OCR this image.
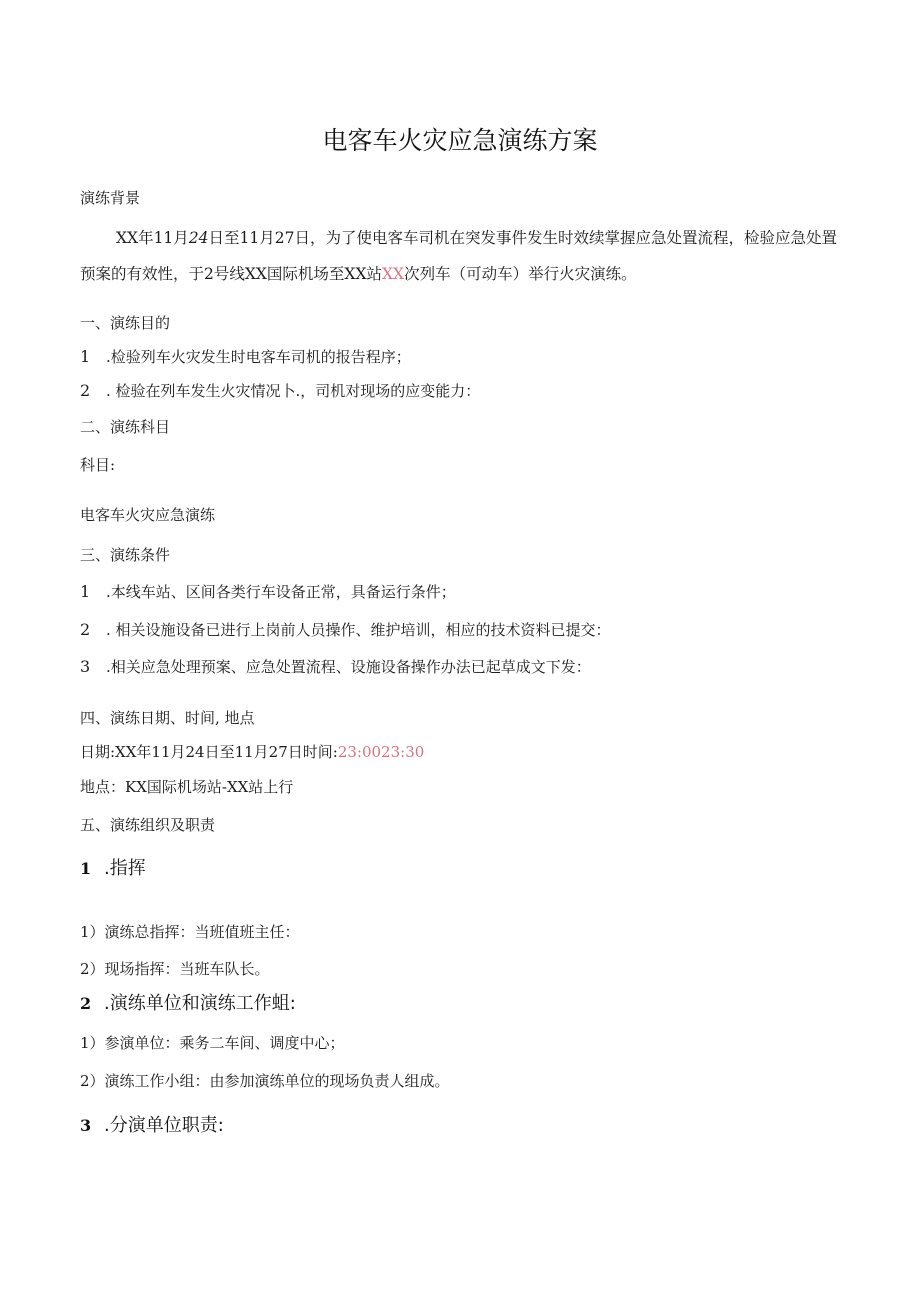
电客车火灾应急演练方案
演练背景
XX年11月24日至11月27日，为了使电客车司机在突发事件发生时效续掌握应急处置流程，检验应急处置预案的有效性，于2号线XX国际机场至XX站XX次列车（可动车）举行火灾演练。
一、演练目的
1 .检验列车火灾发生时电客车司机的报告程序；
2 . 检验在列车发生火灾情况卜.，司机对现场的应变能力：
二、演练科目
科目:
电客车火灾应急演练
三、演练条件
1 .本线车站、区间各类行车设备正常，具备运行条件；
2 . 相关设施设备已进行上岗前人员操作、维护培训，相应的技术资料已提交：
3 .相关应急处理预案、应急处置流程、设施设备操作办法已起草成文下发：
四、演练日期、时间, 地点
日期:XX年11月24日至11月27日时间:23:0023:30
地点：KX国际机场站-XX站上行
五、演练组织及职责
1 .指挥
1）演练总指挥：当班值班主任：
2）现场指挥：当班车队长。
2 .演练单位和演练工作蛆:
1）参演单位：乘务二车间、调度中心；
2）演练工作小组：由参加演练单位的现场负责人组成。
3 .分演单位职责:
